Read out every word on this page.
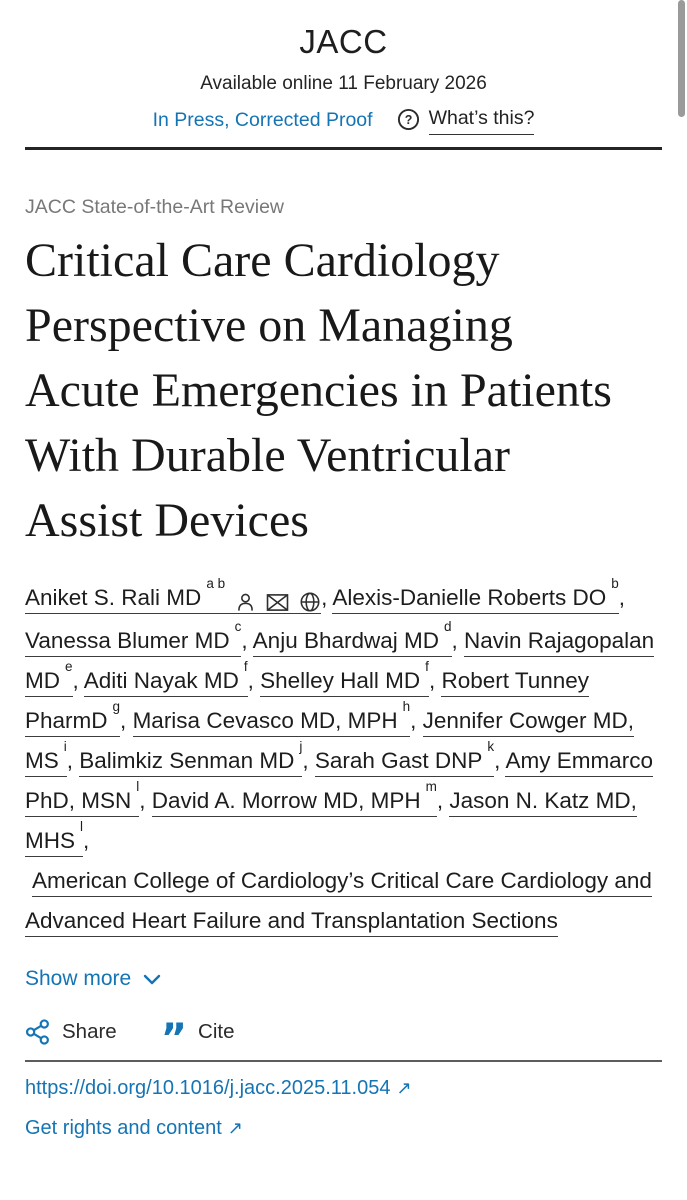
JACC
Available online 11 February 2026
In Press, Corrected Proof ? What’s this?
JACC State-of-the-Art Review
Critical Care Cardiology Perspective on Managing Acute Emergencies in Patients With Durable Ventricular Assist Devices

Aniket S. Rali MD$^{a b}$, Alexis-Danielle Roberts DO$^b$, Vanessa Blumer MD$^c$, Anju Bhardwaj MD$^d$, Navin Rajagopalan MDe, Aditi Nayak MD$^f$, Shelley Hall MD$^f$, Robert Tunney PharmD$^g$, Marisa Cevasco MD, MPH$^h$, Jennifer Cowger MD, MS$^i$, Balimkiz Senman MD$^j$, Sarah Gast DNP$^k$, Amy Emmarco PhD, MSN$^l$, David A. Morrow MD, MPH$^m$, Jason N. Katz MD, MHS$^l$,
American College of Cardiology’s Critical Care Cardiology and Advanced Heart Failure and Transplantation Sections

Show more
Share ” Cite
https://doi.org/10.1016/j.jacc.2025.11.054 ↗
Get rights and content ↗
